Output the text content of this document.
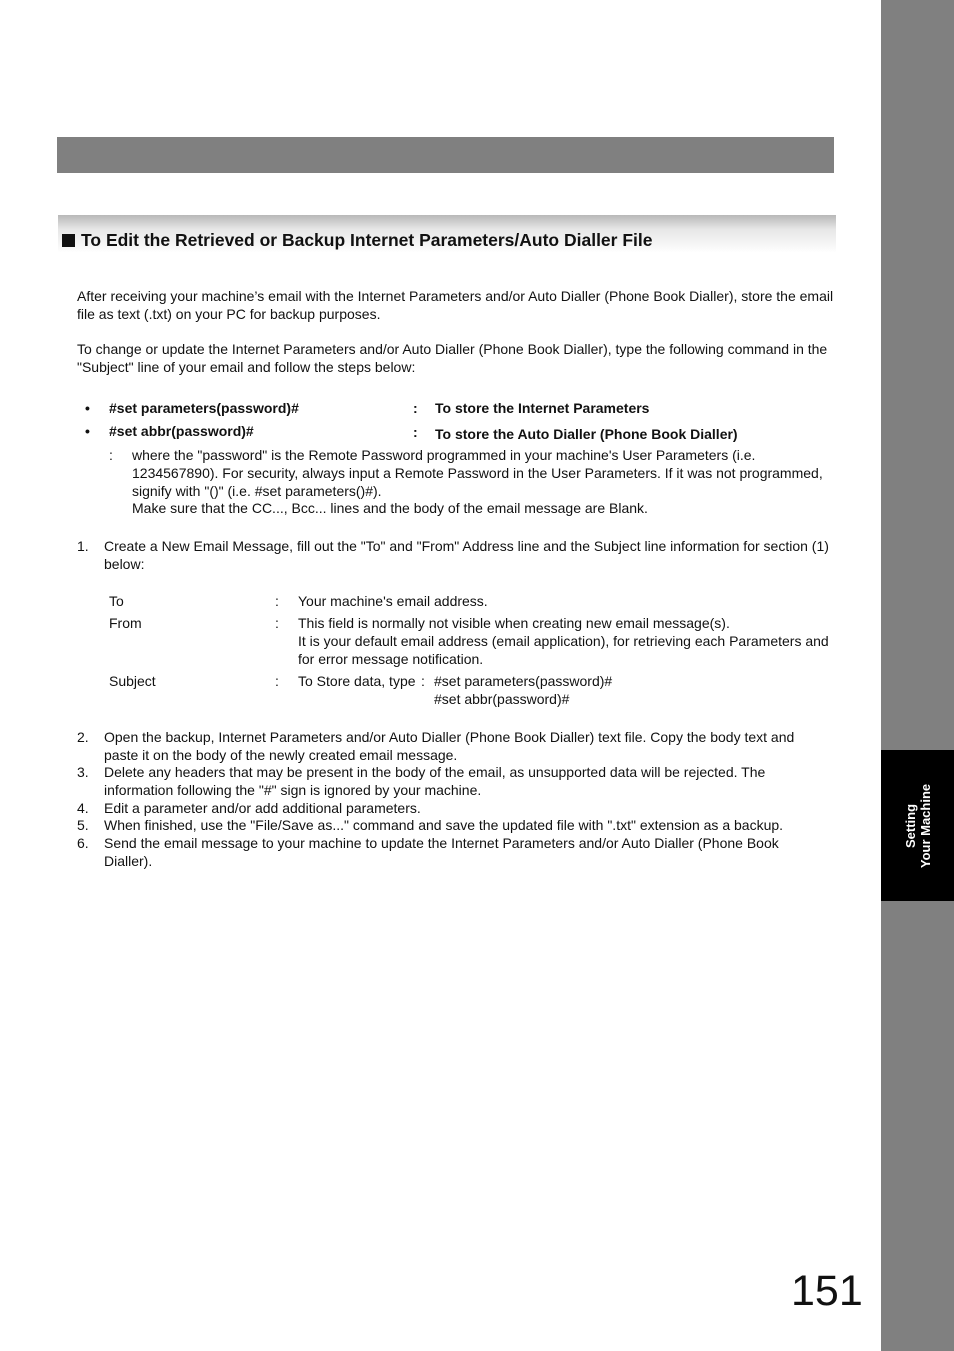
Setting Your Machine
To Edit the Retrieved or Backup Internet Parameters/Auto Dialler File

After receiving your machine’s email with the Internet Parameters and/or Auto Dialler (Phone Book Dialler), store the email file as text (.txt) on your PC for backup purposes.

To change or update the Internet Parameters and/or Auto Dialler (Phone Book Dialler), type the following command in the "Subject" line of your email and follow the steps below:

• #set parameters(password)#	: To store the Internet Parameters
• #set abbr(password)#	: To store the Auto Dialler (Phone Book Dialler)
: where the "password" is the Remote Password programmed in your machine's User Parameters (i.e. 1234567890). For security, always input a Remote Password in the User Parameters. If it was not programmed, signify with "()" (i.e. #set parameters()#).
Make sure that the CC..., Bcc... lines and the body of the email message are Blank.
1. Create a New Email Message, fill out the "To" and "From" Address line and the Subject line information for section (1) below:
To	: Your machine's email address.
From	: This field is normally not visible when creating new email message(s).
It is your default email address (email application), for retrieving each Parameters and for error message notification.
Subject	: To Store data, type : #set parameters(password)#
#set abbr(password)#
2. Open the backup, Internet Parameters and/or Auto Dialler (Phone Book Dialler) text file. Copy the body text and paste it on the body of the newly created email message.
3. Delete any headers that may be present in the body of the email, as unsupported data will be rejected. The information following the "#" sign is ignored by your machine.
4. Edit a parameter and/or add additional parameters.
5. When finished, use the "File/Save as..." command and save the updated file with ".txt" extension as a backup.
6. Send the email message to your machine to update the Internet Parameters and/or Auto Dialler (Phone Book Dialler).
151
